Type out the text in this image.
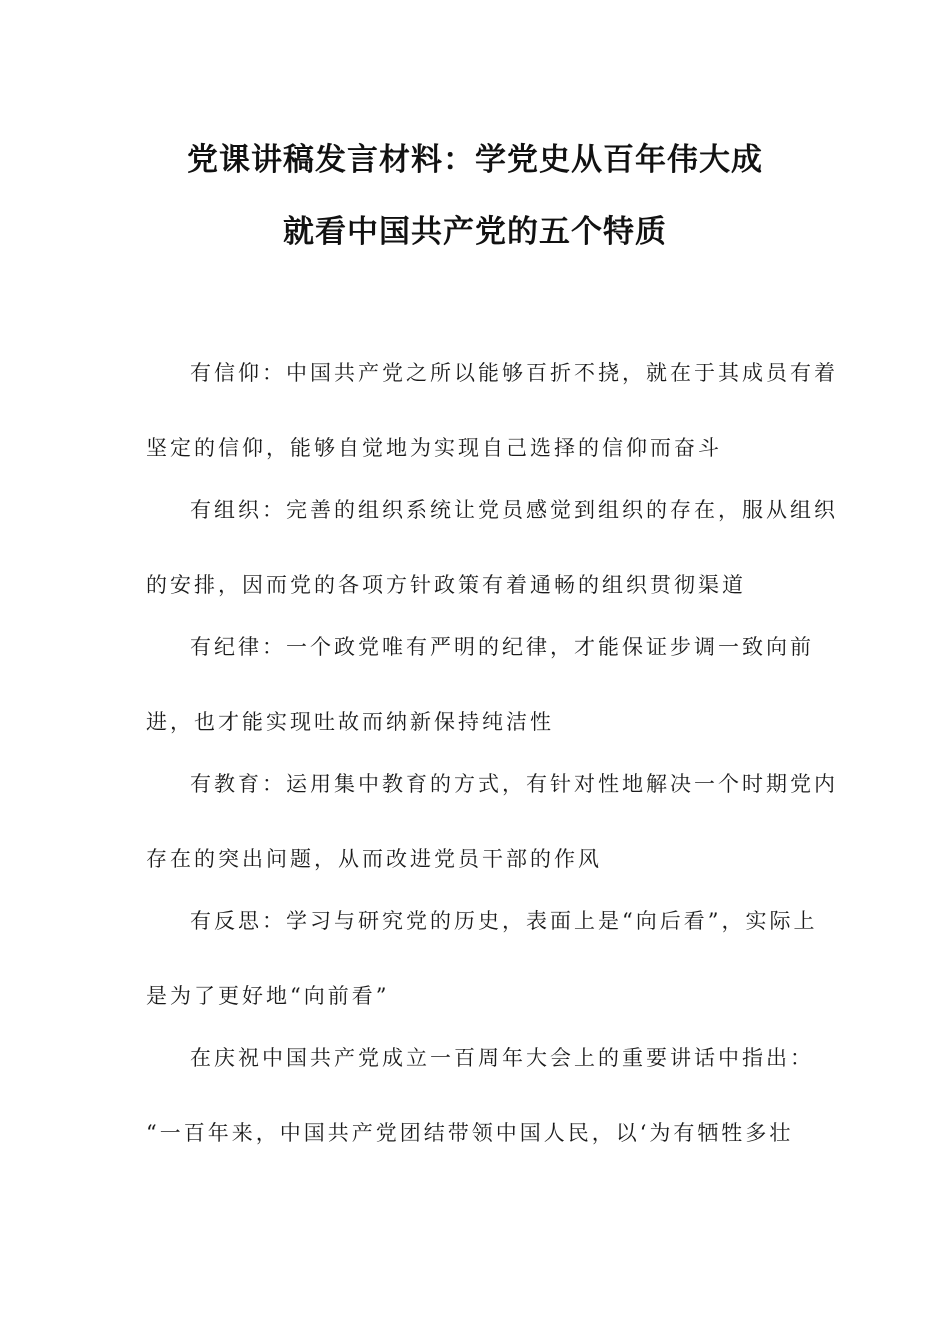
党课讲稿发言材料：学党史从百年伟大成
就看中国共产党的五个特质
有信仰：中国共产党之所以能够百折不挠，就在于其成员有着
坚定的信仰，能够自觉地为实现自己选择的信仰而奋斗
有组织：完善的组织系统让党员感觉到组织的存在，服从组织
的安排，因而党的各项方针政策有着通畅的组织贯彻渠道
有纪律：一个政党唯有严明的纪律，才能保证步调一致向前
进，也才能实现吐故而纳新保持纯洁性
有教育：运用集中教育的方式，有针对性地解决一个时期党内
存在的突出问题，从而改进党员干部的作风
有反思：学习与研究党的历史，表面上是“向后看”，实际上
是为了更好地“向前看”
在庆祝中国共产党成立一百周年大会上的重要讲话中指出：
“一百年来，中国共产党团结带领中国人民，以‘为有牺牲多壮
